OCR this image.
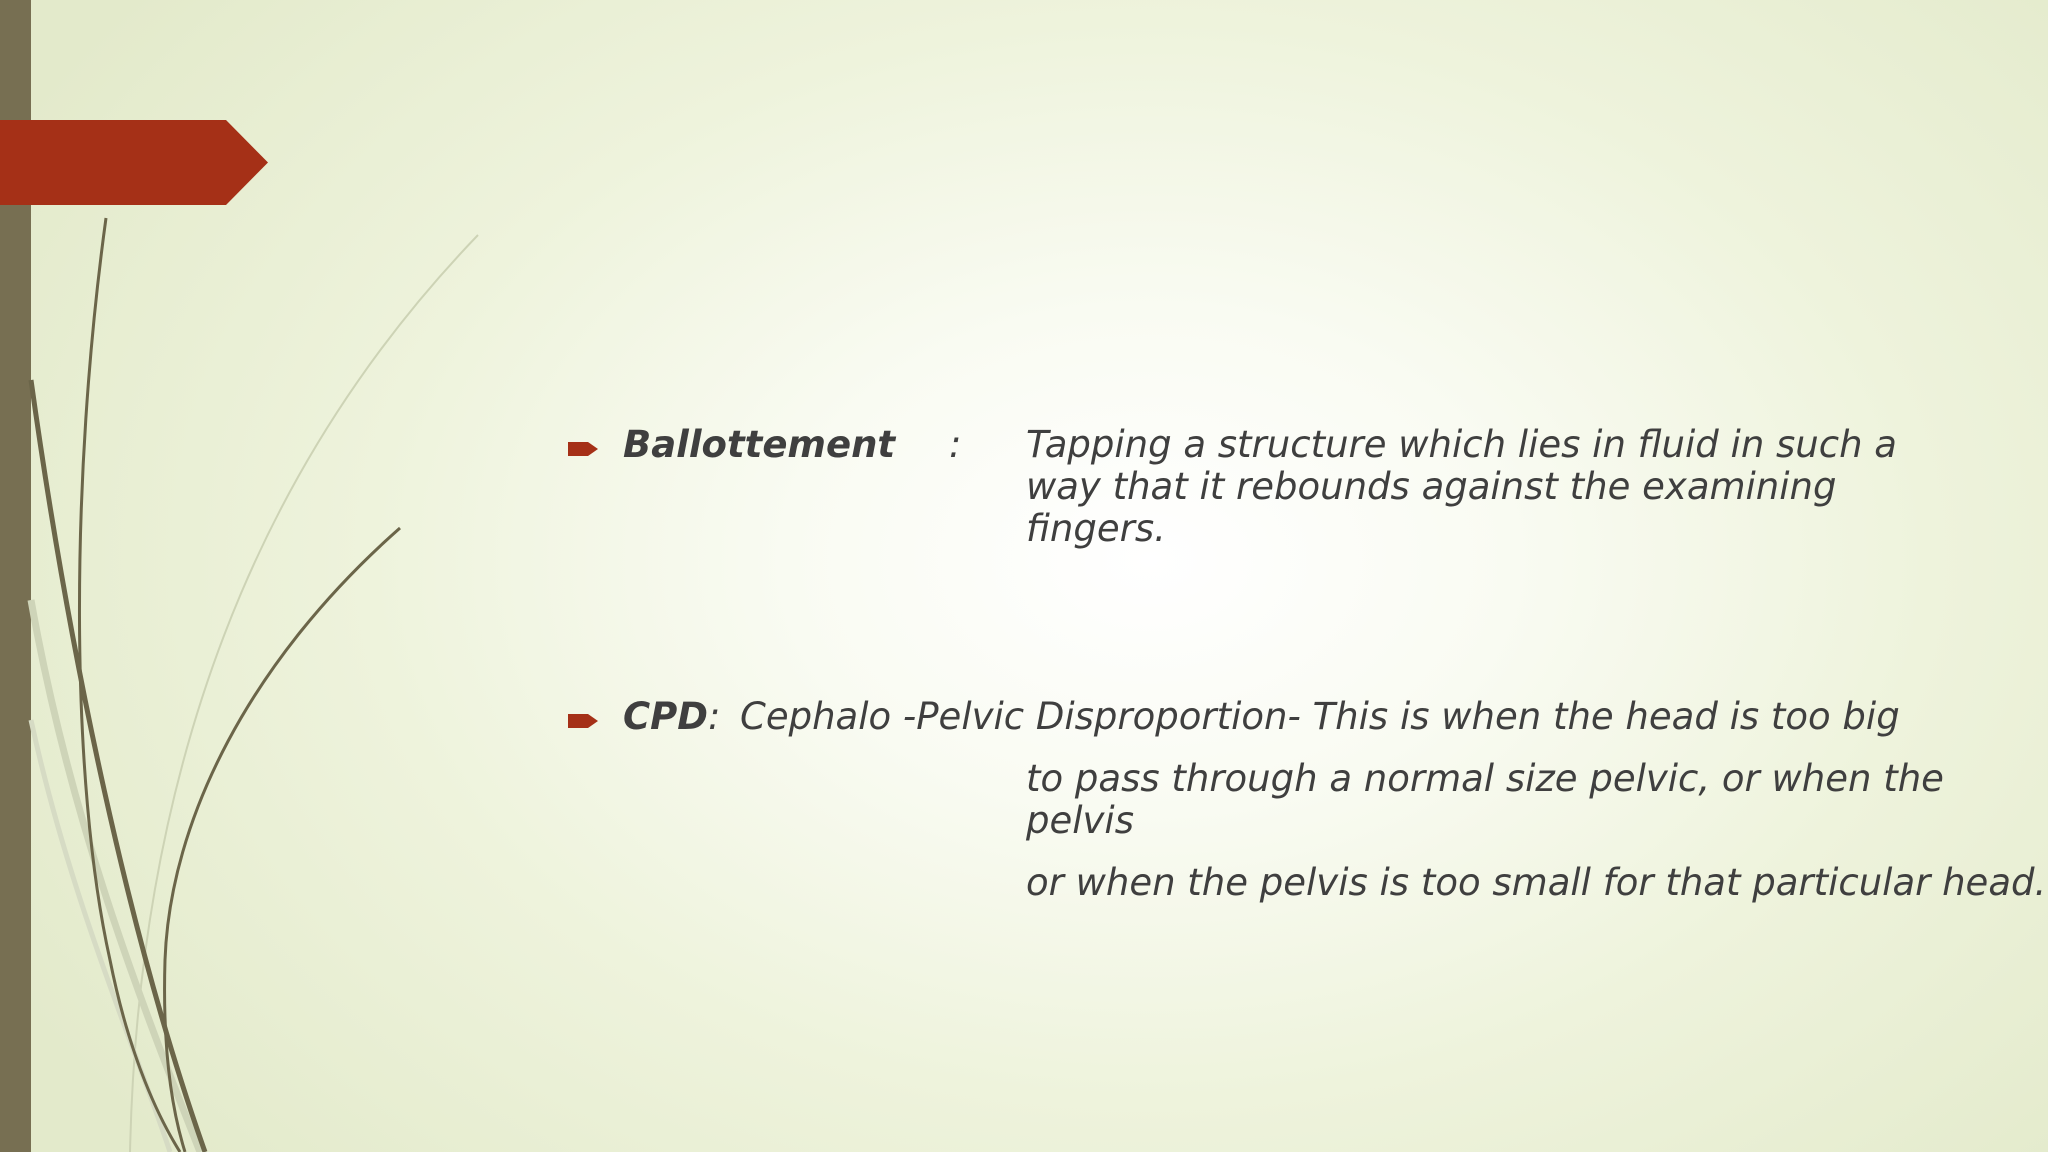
Ballottement : Tapping a structure which lies in fluid in such a
way that it rebounds against the examining
fingers.
CPD: Cephalo -Pelvic Disproportion- This is when the head is too big
to pass through a normal size pelvic, or when the
pelvis
or when the pelvis is too small for that particular head.
